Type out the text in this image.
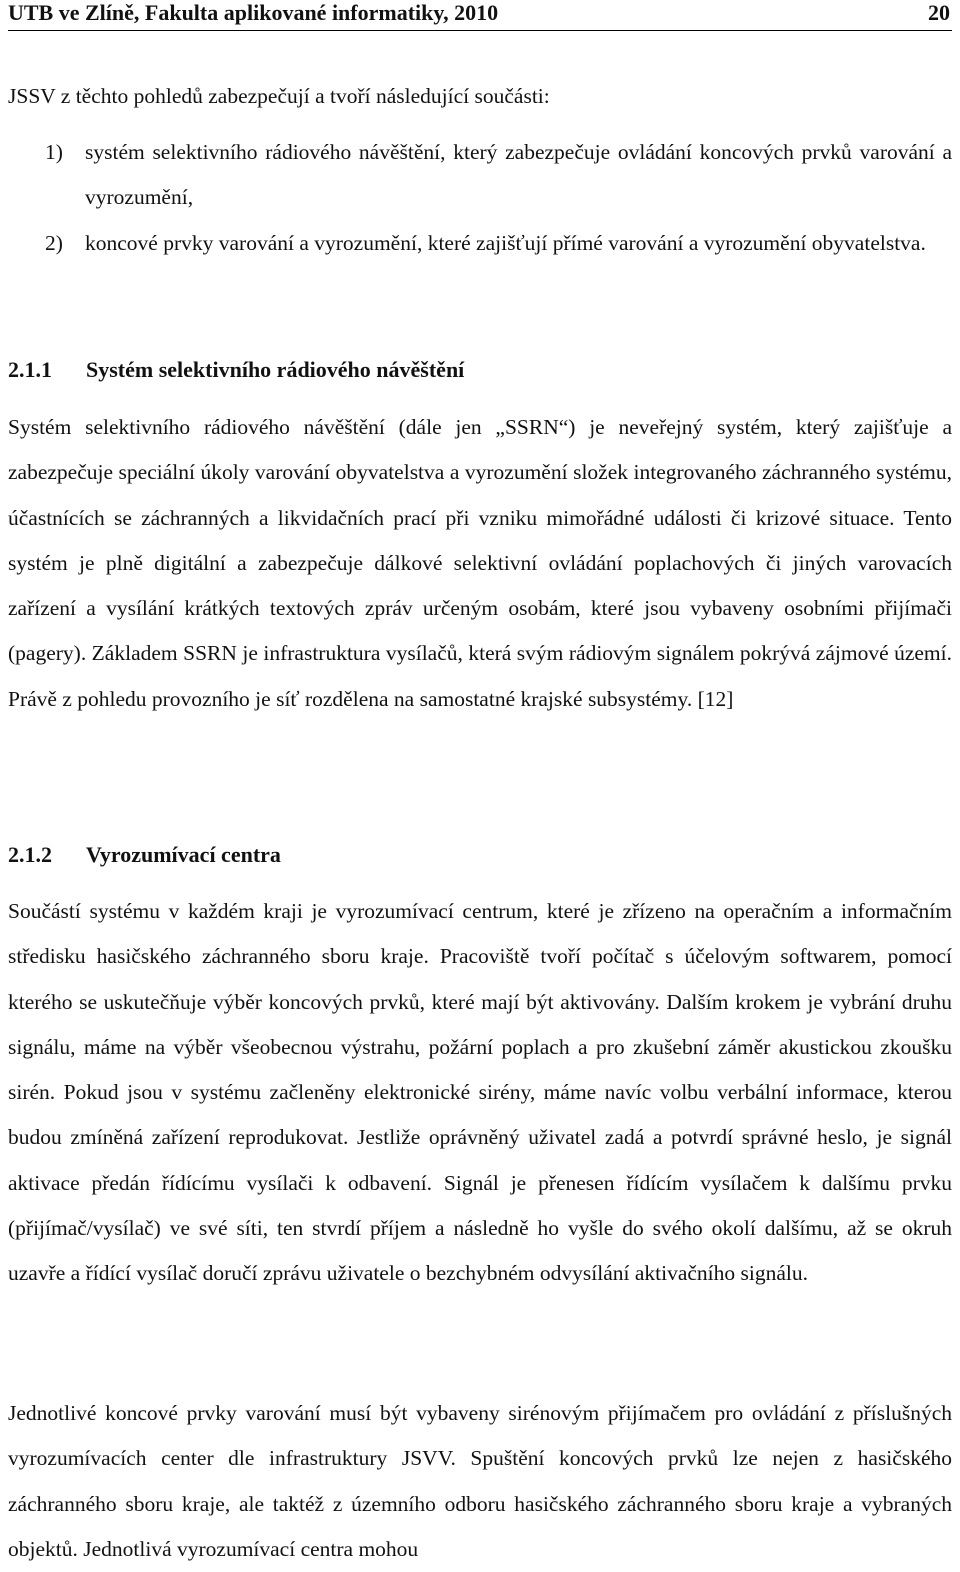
UTB ve Zlíně, Fakulta aplikované informatiky, 2010	20

JSSV z těchto pohledů zabezpečují a tvoří následující součásti:

1) systém selektivního rádiového návěštění, který zabezpečuje ovládání koncových prvků varování a vyrozumění,
2) koncové prvky varování a vyrozumění, které zajišťují přímé varování a vyrozumění obyvatelstva.
2.1.1 Systém selektivního rádiového návěštění

Systém selektivního rádiového návěštění (dále jen „SSRN“) je neveřejný systém, který zajišťuje a zabezpečuje speciální úkoly varování obyvatelstva a vyrozumění složek integrovaného záchranného systému, účastnících se záchranných a likvidačních prací při vzniku mimořádné události či krizové situace. Tento systém je plně digitální a zabezpečuje dálkové selektivní ovládání poplachových či jiných varovacích zařízení a vysílání krátkých textových zpráv určeným osobám, které jsou vybaveny osobními přijímači (pagery). Základem SSRN je infrastruktura vysílačů, která svým rádiovým signálem pokrývá zájmové území. Právě z pohledu provozního je síť rozdělena na samostatné krajské subsystémy. [12]

2.1.2 Vyrozumívací centra

Součástí systému v každém kraji je vyrozumívací centrum, které je zřízeno na operačním a informačním středisku hasičského záchranného sboru kraje. Pracoviště tvoří počítač s účelovým softwarem, pomocí kterého se uskutečňuje výběr koncových prvků, které mají být aktivovány. Dalším krokem je vybrání druhu signálu, máme na výběr všeobecnou výstrahu, požární poplach a pro zkušební záměr akustickou zkoušku sirén. Pokud jsou v systému začleněny elektronické sirény, máme navíc volbu verbální informace, kterou budou zmíněná zařízení reprodukovat. Jestliže oprávněný uživatel zadá a potvrdí správné heslo, je signál aktivace předán řídícímu vysílači k odbavení. Signál je přenesen řídícím vysílačem k dalšímu prvku (přijímač/vysílač) ve své síti, ten stvrdí příjem a následně ho vyšle do svého okolí dalšímu, až se okruh uzavře a řídící vysílač doručí zprávu uživatele o bezchybném odvysílání aktivačního signálu.

Jednotlivé koncové prvky varování musí být vybaveny sirénovým přijímačem pro ovládání z příslušných vyrozumívacích center dle infrastruktury JSVV. Spuštění koncových prvků lze nejen z hasičského záchranného sboru kraje, ale taktéž z územního odboru hasičského záchranného sboru kraje a vybraných objektů. Jednotlivá vyrozumívací centra mohou
